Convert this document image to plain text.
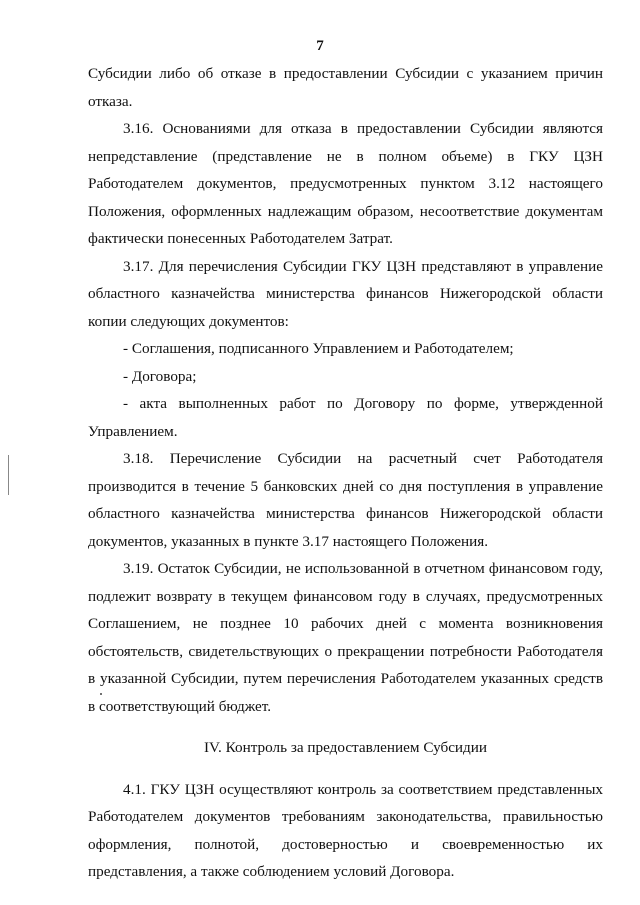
7

Субсидии либо об отказе в предоставлении Субсидии с указанием причин отказа.

3.16. Основаниями для отказа в предоставлении Субсидии являются непредставление (представление не в полном объеме) в ГКУ ЦЗН Работодателем документов, предусмотренных пунктом 3.12 настоящего Положения, оформленных надлежащим образом, несоответствие документам фактически понесенных Работодателем Затрат.

3.17. Для перечисления Субсидии ГКУ ЦЗН представляют в управление областного казначейства министерства финансов Нижегородской области копии следующих документов:

- Соглашения, подписанного Управлением и Работодателем;

- Договора;

- акта выполненных работ по Договору по форме, утвержденной Управлением.

3.18. Перечисление Субсидии на расчетный счет Работодателя производится в течение 5 банковских дней со дня поступления в управление областного казначейства министерства финансов Нижегородской области документов, указанных в пункте 3.17 настоящего Положения.

3.19. Остаток Субсидии, не использованной в отчетном финансовом году, подлежит возврату в текущем финансовом году в случаях, предусмотренных Соглашением, не позднее 10 рабочих дней с момента возникновения обстоятельств, свидетельствующих о прекращении потребности Работодателя в указанной Субсидии, путем перечисления Работодателем указанных средств в соответствующий бюджет.

IV. Контроль за предоставлением Субсидии

4.1. ГКУ ЦЗН осуществляют контроль за соответствием представленных Работодателем документов требованиям законодательства, правильностью оформления, полнотой, достоверностью и своевременностью их представления, а также соблюдением условий Договора.
